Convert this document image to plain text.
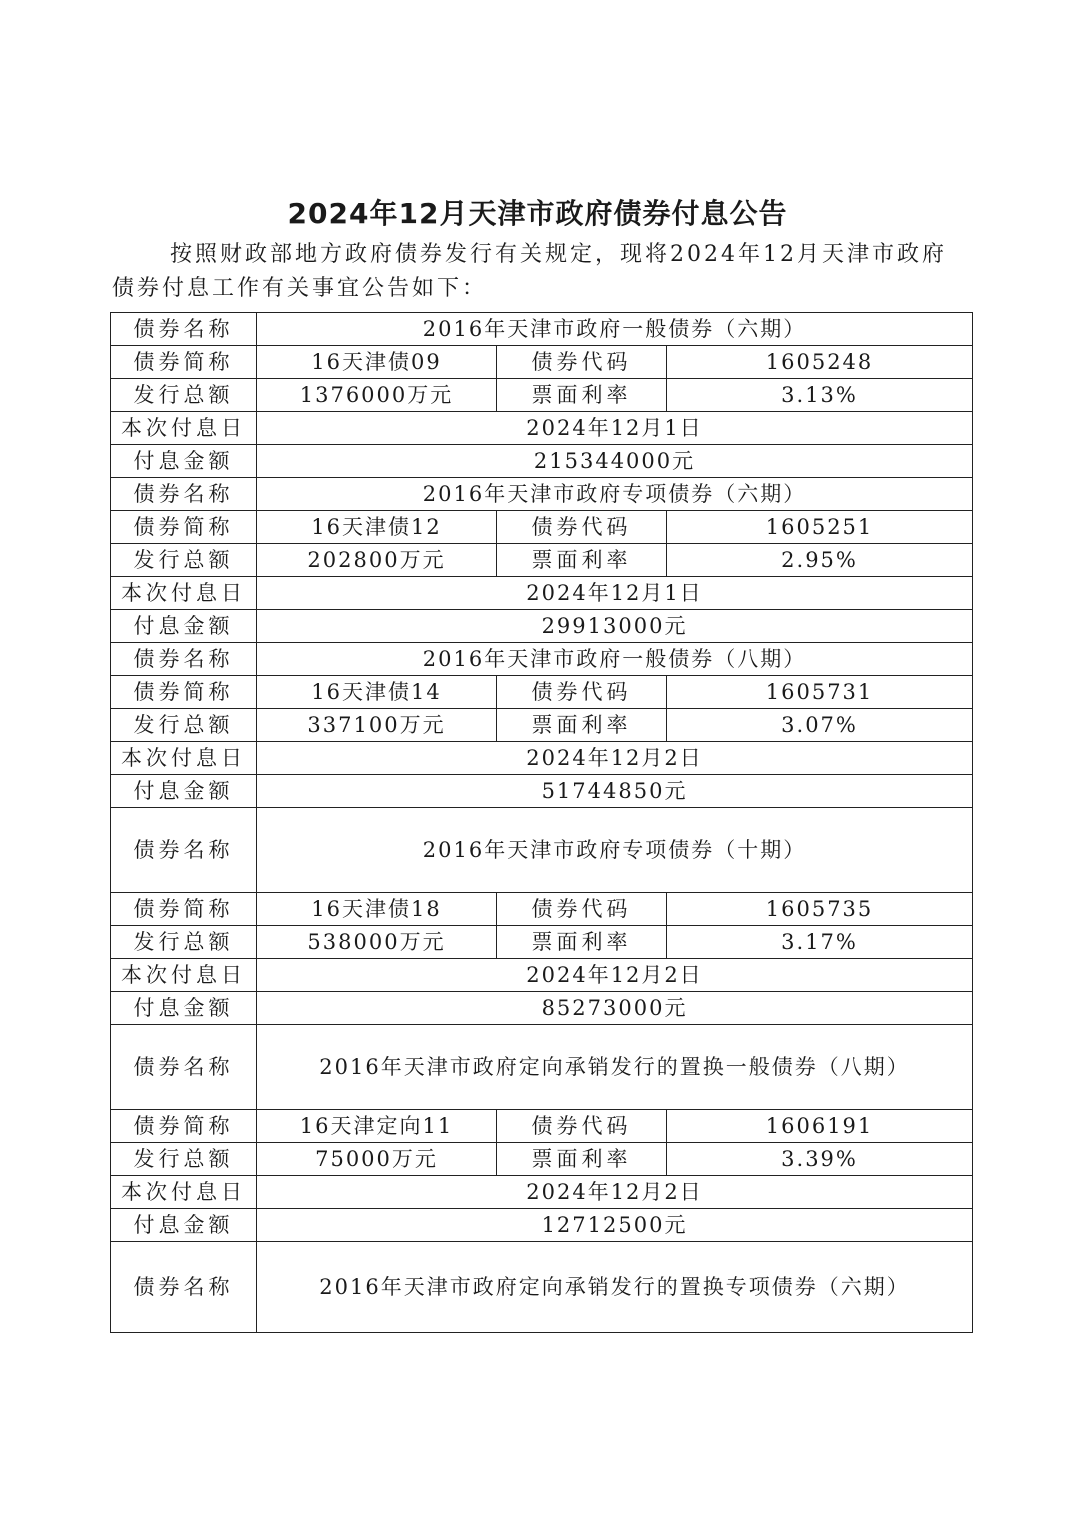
2024年12月天津市政府债券付息公告
按照财政部地方政府债券发行有关规定，现将2024年12月天津市政府债券付息工作有关事宜公告如下：
债券名称	2016年天津市政府一般债券（六期）		
债券简称	16天津债09	债券代码	1605248
发行总额	1376000万元	票面利率	3.13%
本次付息日	2024年12月1日		
付息金额	215344000元		
债券名称	2016年天津市政府专项债券（六期）		
债券简称	16天津债12	债券代码	1605251
发行总额	202800万元	票面利率	2.95%
本次付息日	2024年12月1日		
付息金额	29913000元		
债券名称	2016年天津市政府一般债券（八期）		
债券简称	16天津债14	债券代码	1605731
发行总额	337100万元	票面利率	3.07%
本次付息日	2024年12月2日		
付息金额	51744850元		
债券名称	2016年天津市政府专项债券（十期）		
债券简称	16天津债18	债券代码	1605735
发行总额	538000万元	票面利率	3.17%
本次付息日	2024年12月2日		
付息金额	85273000元		
债券名称	2016年天津市政府定向承销发行的置换一般债券（八期）		
债券简称	16天津定向11	债券代码	1606191
发行总额	75000万元	票面利率	3.39%
本次付息日	2024年12月2日		
付息金额	12712500元		
债券名称	2016年天津市政府定向承销发行的置换专项债券（六期）		
